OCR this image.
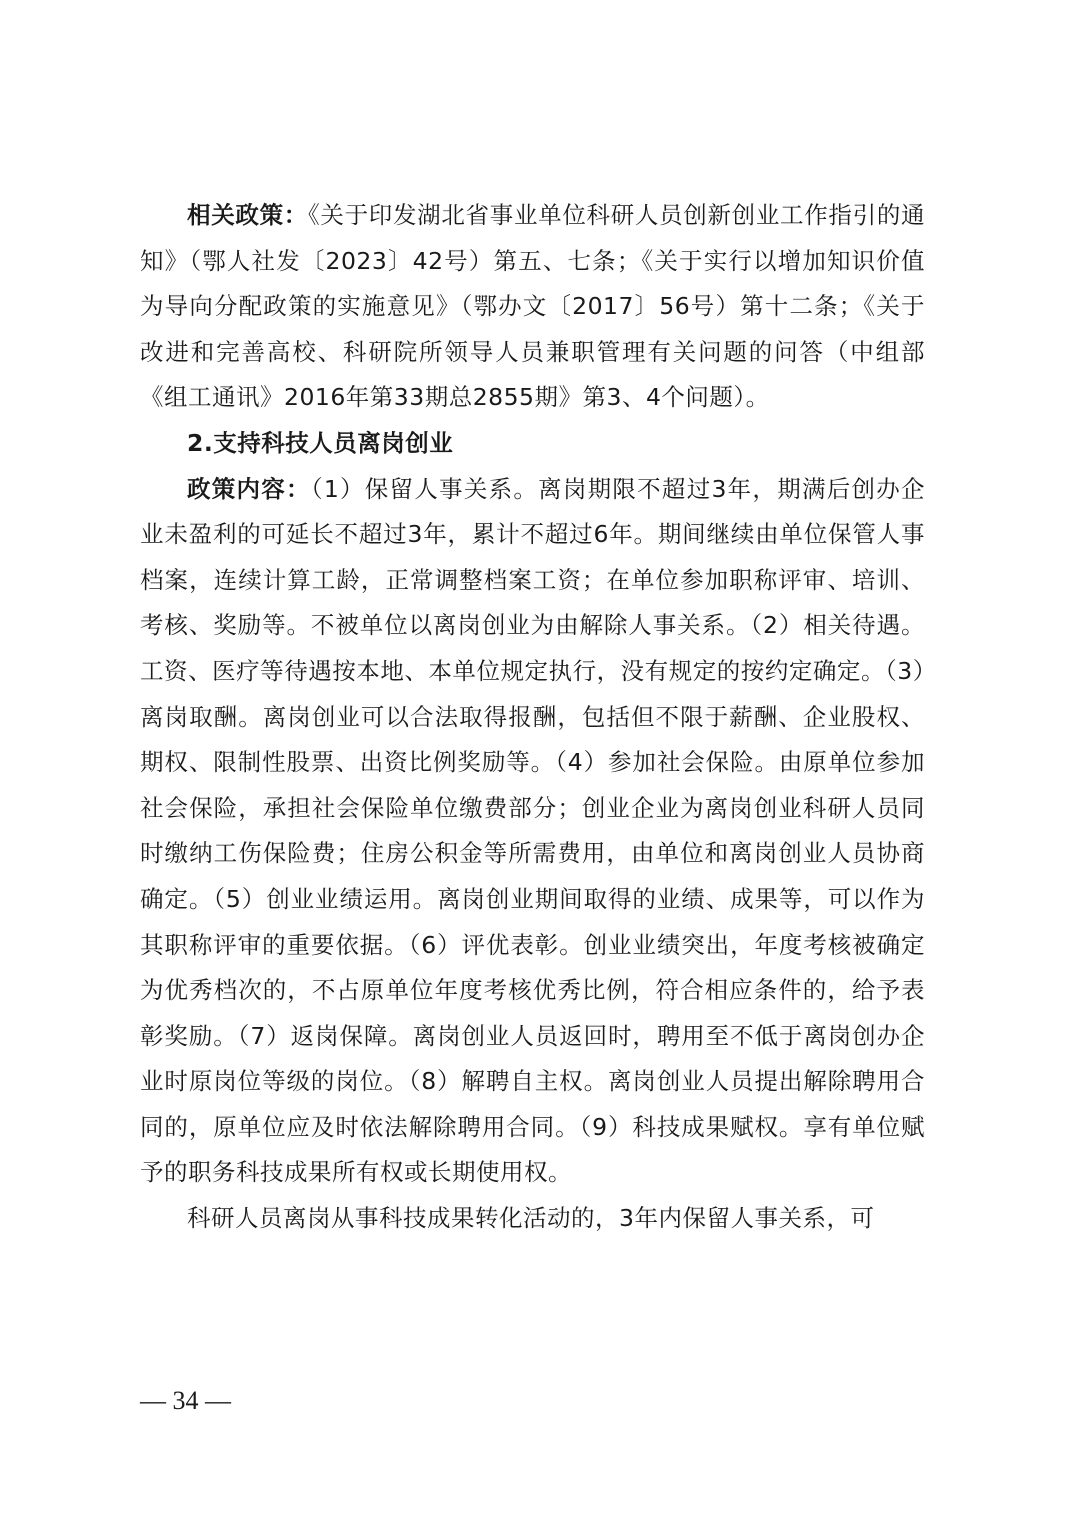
相关政策：《关于印发湖北省事业单位科研人员创新创业工作指引的通知》（鄂人社发〔2023〕42号）第五、七条；《关于实行以增加知识价值为导向分配政策的实施意见》（鄂办文〔2017〕56号）第十二条；《关于改进和完善高校、科研院所领导人员兼职管理有关问题的问答（中组部《组工通讯》2016年第33期总2855期》第3、4个问题）。

2.支持科技人员离岗创业

政策内容：（1）保留人事关系。离岗期限不超过3年，期满后创办企业未盈利的可延长不超过3年，累计不超过6年。期间继续由单位保管人事档案，连续计算工龄，正常调整档案工资；在单位参加职称评审、培训、考核、奖励等。不被单位以离岗创业为由解除人事关系。（2）相关待遇。工资、医疗等待遇按本地、本单位规定执行，没有规定的按约定确定。（3）离岗取酬。离岗创业可以合法取得报酬，包括但不限于薪酬、企业股权、期权、限制性股票、出资比例奖励等。（4）参加社会保险。由原单位参加社会保险，承担社会保险单位缴费部分；创业企业为离岗创业科研人员同时缴纳工伤保险费；住房公积金等所需费用，由单位和离岗创业人员协商确定。（5）创业业绩运用。离岗创业期间取得的业绩、成果等，可以作为其职称评审的重要依据。（6）评优表彰。创业业绩突出，年度考核被确定为优秀档次的，不占原单位年度考核优秀比例，符合相应条件的，给予表彰奖励。（7）返岗保障。离岗创业人员返回时，聘用至不低于离岗创办企业时原岗位等级的岗位。（8）解聘自主权。离岗创业人员提出解除聘用合同的，原单位应及时依法解除聘用合同。（9）科技成果赋权。享有单位赋予的职务科技成果所有权或长期使用权。

科研人员离岗从事科技成果转化活动的，3年内保留人事关系，可

— 34 —
